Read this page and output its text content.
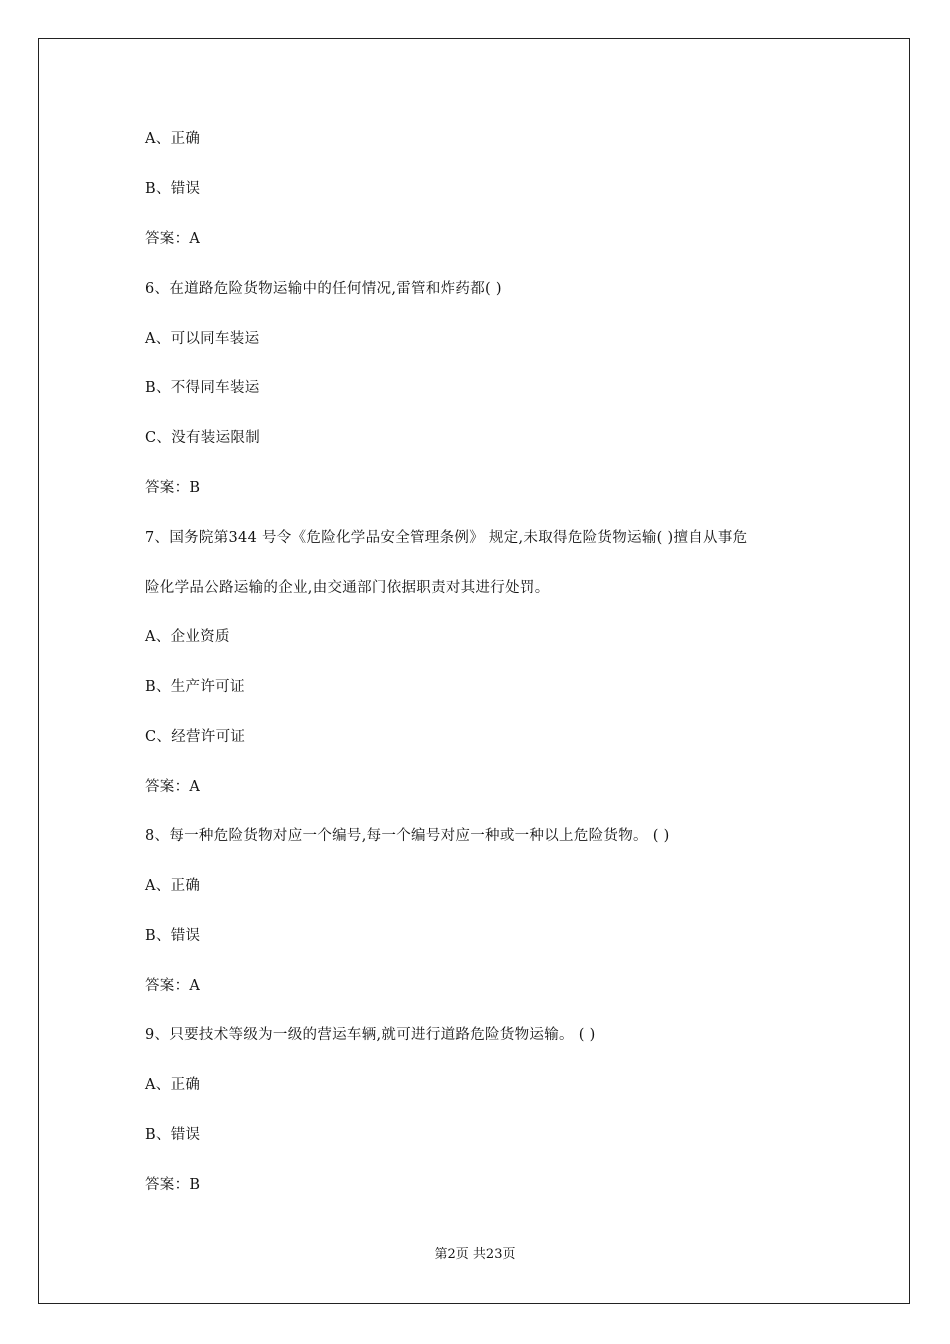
A、正确
B、错误
答案：A
6、在道路危险货物运输中的任何情况,雷管和炸药都( )
A、可以同车装运
B、不得同车装运
C、没有装运限制
答案：B
7、国务院第344 号令《危险化学品安全管理条例》 规定,未取得危险货物运输( )擅自从事危
险化学品公路运输的企业,由交通部门依据职责对其进行处罚。
A、企业资质
B、生产许可证
C、经营许可证
答案：A
8、每一种危险货物对应一个编号,每一个编号对应一种或一种以上危险货物。 ( )
A、正确
B、错误
答案：A
9、只要技术等级为一级的营运车辆,就可进行道路危险货物运输。 ( )
A、正确
B、错误
答案：B
第2页 共23页
